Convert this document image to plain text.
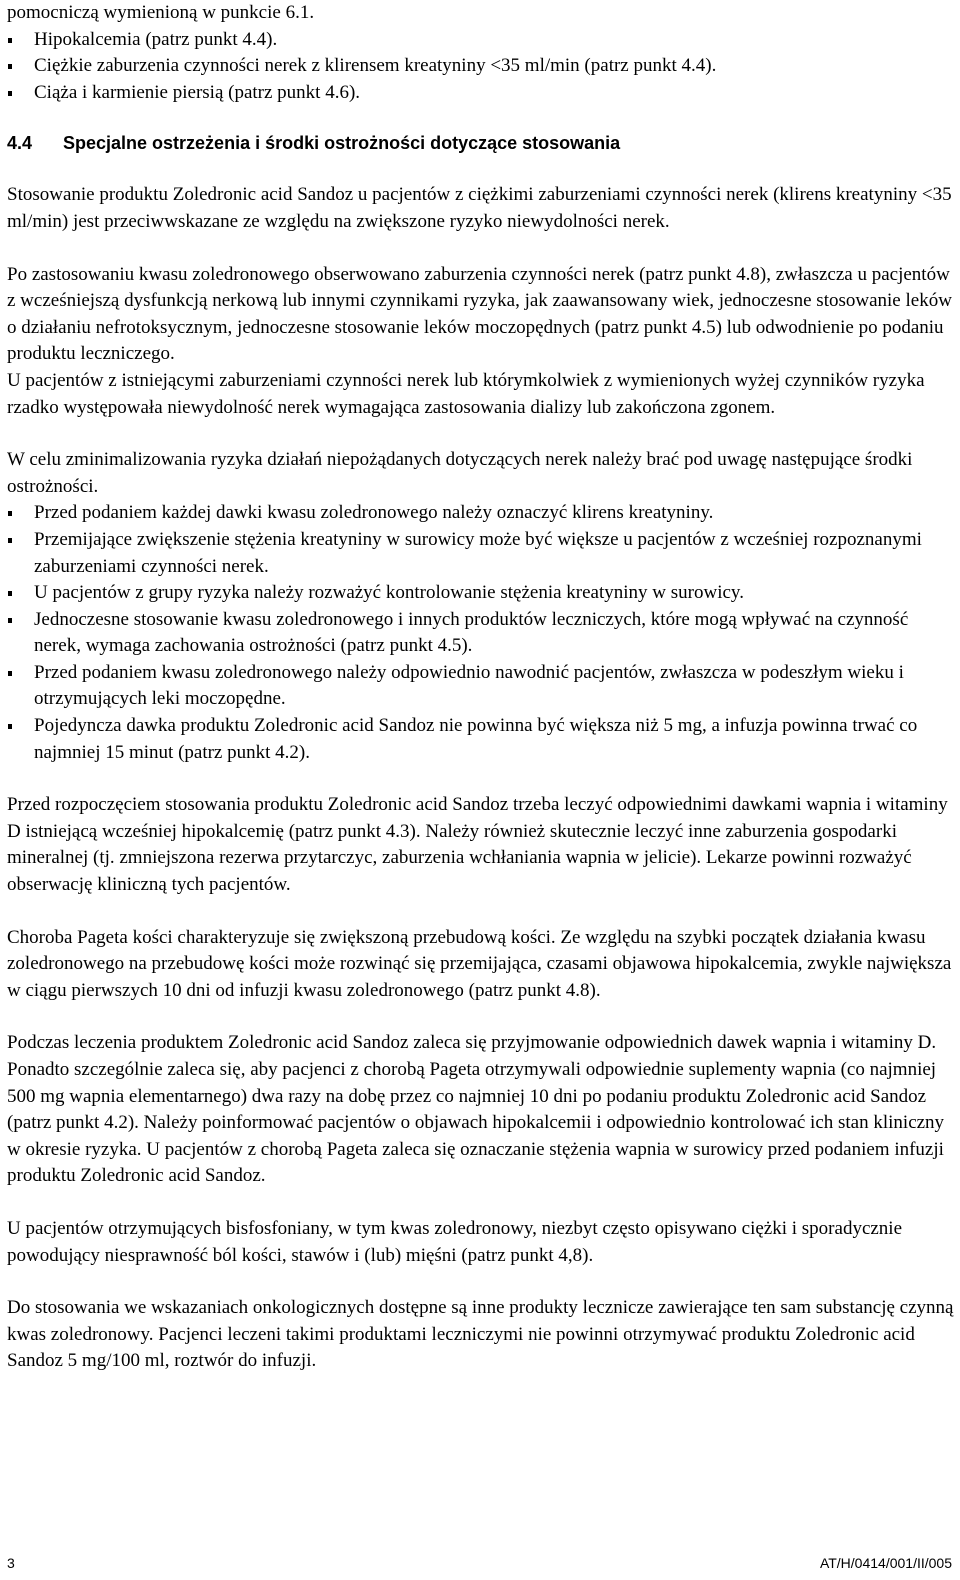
pomocniczą wymienioną w punkcie 6.1.

Hipokalcemia (patrz punkt 4.4).
Ciężkie zaburzenia czynności nerek z klirensem kreatyniny <35 ml/min (patrz punkt 4.4).
Ciąża i karmienie piersią (patrz punkt 4.6).
4.4 Specjalne ostrzeżenia i środki ostrożności dotyczące stosowania

Stosowanie produktu Zoledronic acid Sandoz u pacjentów z ciężkimi zaburzeniami czynności nerek (klirens kreatyniny <35 ml/min) jest przeciwwskazane ze względu na zwiększone ryzyko niewydolności nerek.

Po zastosowaniu kwasu zoledronowego obserwowano zaburzenia czynności nerek (patrz punkt 4.8), zwłaszcza u pacjentów z wcześniejszą dysfunkcją nerkową lub innymi czynnikami ryzyka, jak zaawansowany wiek, jednoczesne stosowanie leków o działaniu nefrotoksycznym, jednoczesne stosowanie leków moczopędnych (patrz punkt 4.5) lub odwodnienie po podaniu produktu leczniczego.

U pacjentów z istniejącymi zaburzeniami czynności nerek lub którymkolwiek z wymienionych wyżej czynników ryzyka rzadko występowała niewydolność nerek wymagająca zastosowania dializy lub zakończona zgonem.

W celu zminimalizowania ryzyka działań niepożądanych dotyczących nerek należy brać pod uwagę następujące środki ostrożności.

Przed podaniem każdej dawki kwasu zoledronowego należy oznaczyć klirens kreatyniny.
Przemijające zwiększenie stężenia kreatyniny w surowicy może być większe u pacjentów z wcześniej rozpoznanymi zaburzeniami czynności nerek.
U pacjentów z grupy ryzyka należy rozważyć kontrolowanie stężenia kreatyniny w surowicy.
Jednoczesne stosowanie kwasu zoledronowego i innych produktów leczniczych, które mogą wpływać na czynność nerek, wymaga zachowania ostrożności (patrz punkt 4.5).
Przed podaniem kwasu zoledronowego należy odpowiednio nawodnić pacjentów, zwłaszcza w podeszłym wieku i otrzymujących leki moczopędne.
Pojedyncza dawka produktu Zoledronic acid Sandoz nie powinna być większa niż 5 mg, a infuzja powinna trwać co najmniej 15 minut (patrz punkt 4.2).

Przed rozpoczęciem stosowania produktu Zoledronic acid Sandoz trzeba leczyć odpowiednimi dawkami wapnia i witaminy D istniejącą wcześniej hipokalcemię (patrz punkt 4.3). Należy również skutecznie leczyć inne zaburzenia gospodarki mineralnej (tj. zmniejszona rezerwa przytarczyc, zaburzenia wchłaniania wapnia w jelicie). Lekarze powinni rozważyć obserwację kliniczną tych pacjentów.

Choroba Pageta kości charakteryzuje się zwiększoną przebudową kości. Ze względu na szybki początek działania kwasu zoledronowego na przebudowę kości może rozwinąć się przemijająca, czasami objawowa hipokalcemia, zwykle największa w ciągu pierwszych 10 dni od infuzji kwasu zoledronowego (patrz punkt 4.8).

Podczas leczenia produktem Zoledronic acid Sandoz zaleca się przyjmowanie odpowiednich dawek wapnia i witaminy D. Ponadto szczególnie zaleca się, aby pacjenci z chorobą Pageta otrzymywali odpowiednie suplementy wapnia (co najmniej 500 mg wapnia elementarnego) dwa razy na dobę przez co najmniej 10 dni po podaniu produktu Zoledronic acid Sandoz (patrz punkt 4.2). Należy poinformować pacjentów o objawach hipokalcemii i odpowiednio kontrolować ich stan kliniczny w okresie ryzyka. U pacjentów z chorobą Pageta zaleca się oznaczanie stężenia wapnia w surowicy przed podaniem infuzji produktu Zoledronic acid Sandoz.

U pacjentów otrzymujących bisfosfoniany, w tym kwas zoledronowy, niezbyt często opisywano ciężki i sporadycznie powodujący niesprawność ból kości, stawów i (lub) mięśni (patrz punkt 4,8).

Do stosowania we wskazaniach onkologicznych dostępne są inne produkty lecznicze zawierające ten sam substancję czynną kwas zoledronowy. Pacjenci leczeni takimi produktami leczniczymi nie powinni otrzymywać produktu Zoledronic acid Sandoz 5 mg/100 ml, roztwór do infuzji.

3	AT/H/0414/001/II/005
